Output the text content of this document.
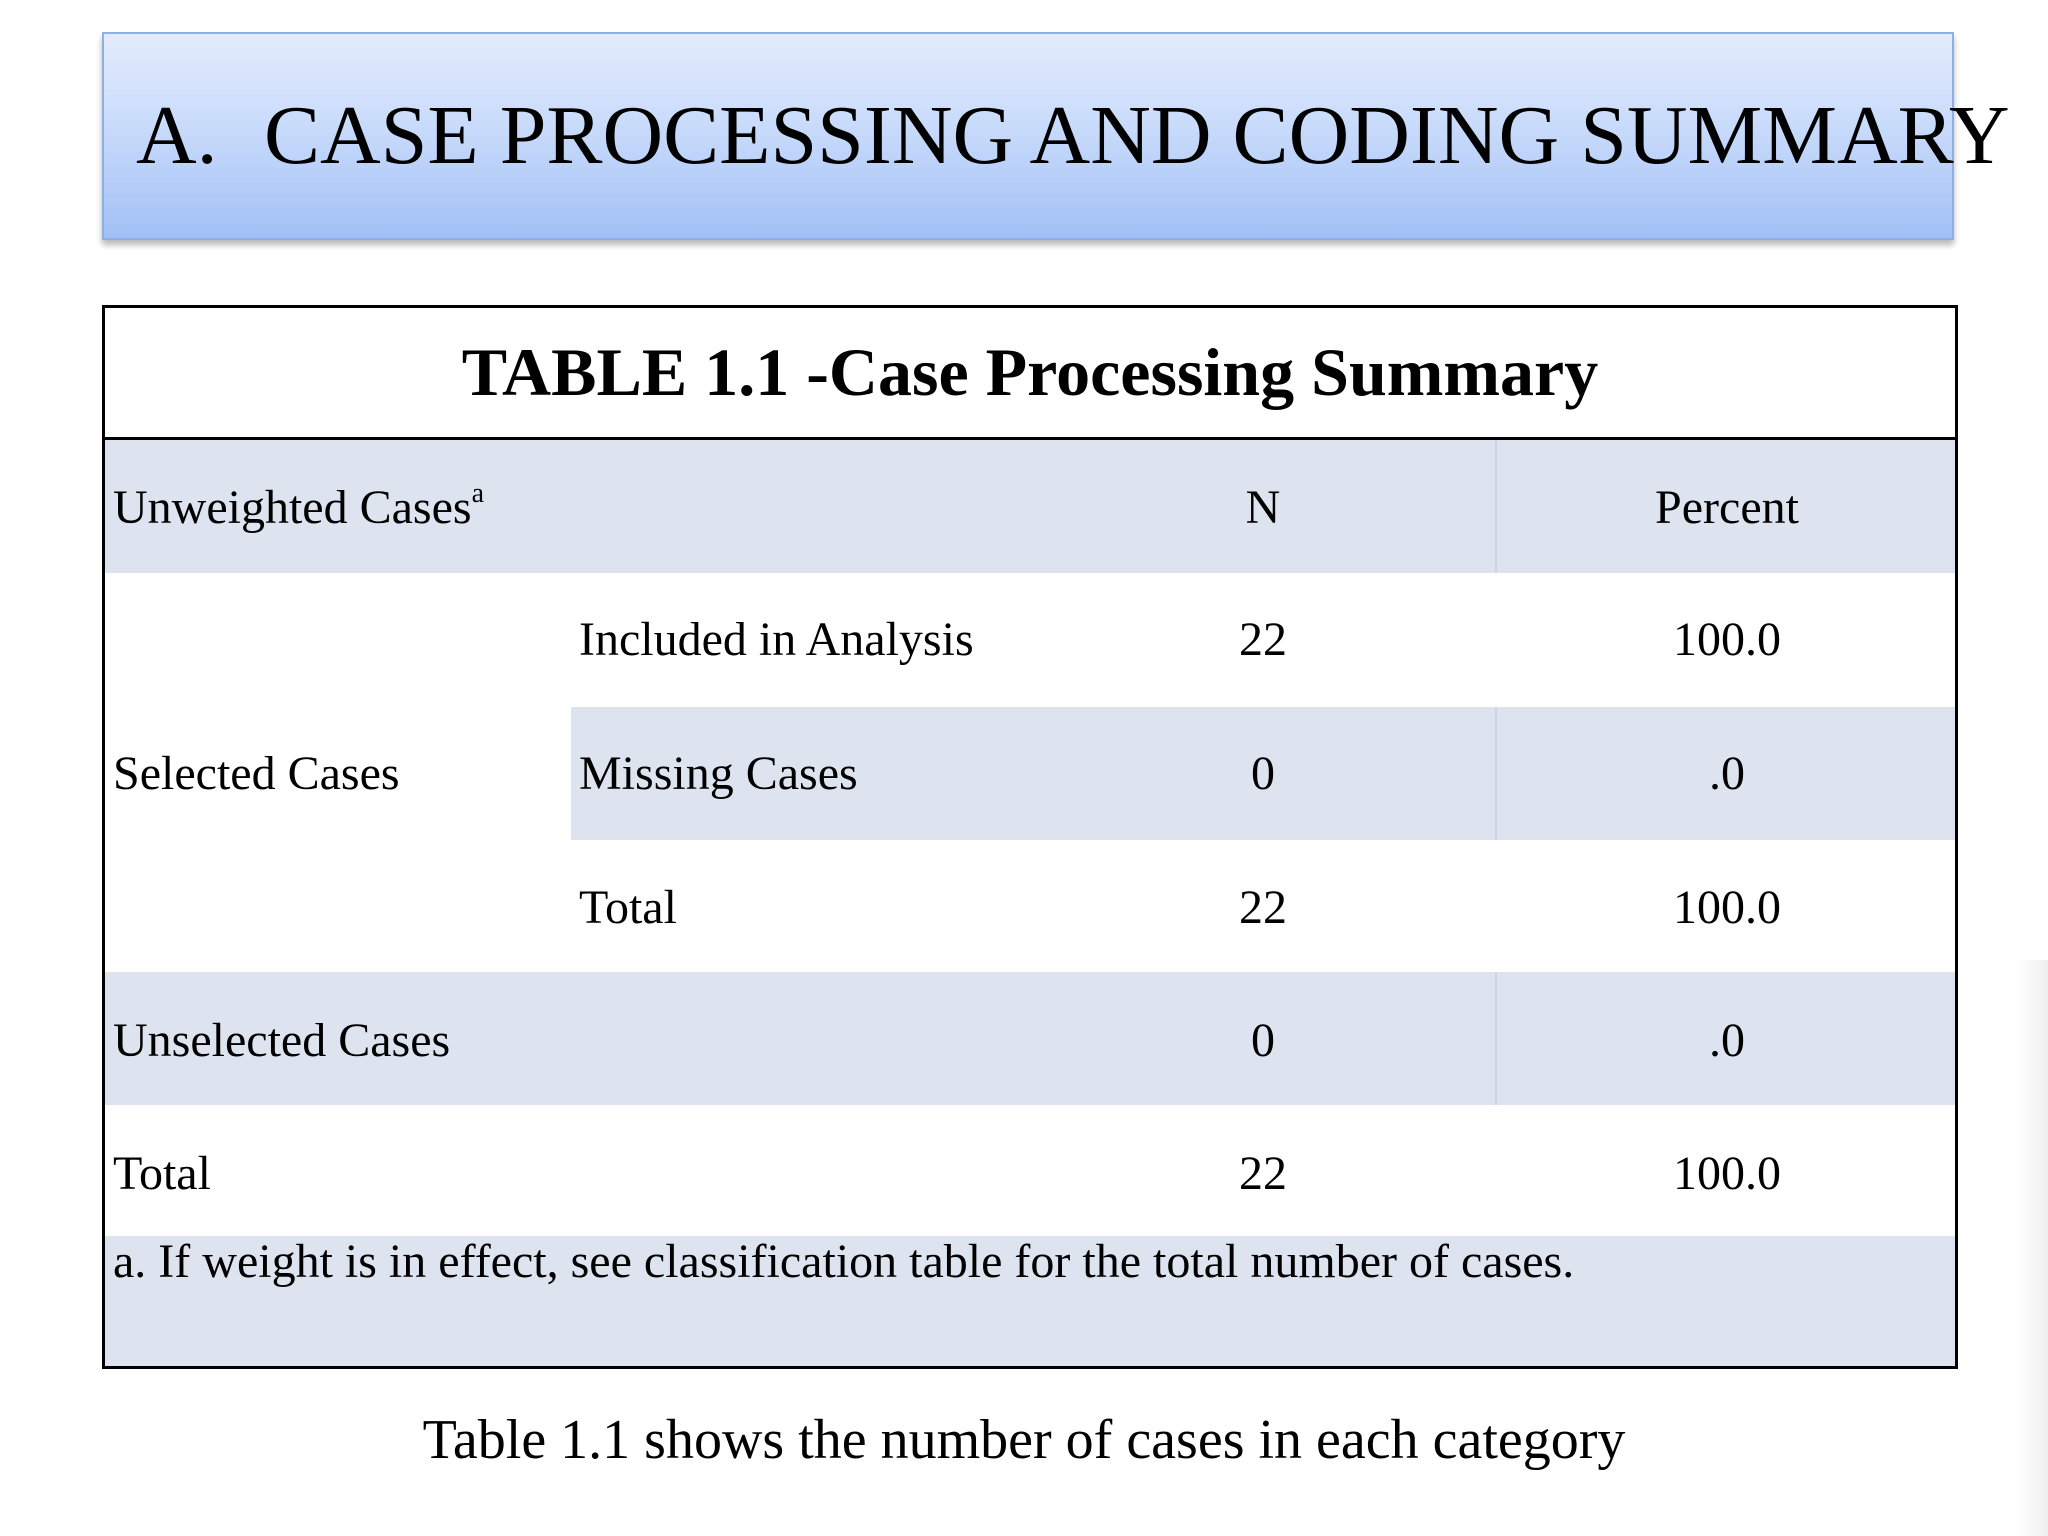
A. CASE PROCESSING AND CODING SUMMARY
TABLE 1.1 -Case Processing Summary
Unweighted Cases$^a$	N	Percent
Selected Cases
Included in Analysis	22	100.0
Missing Cases	0	.0
Total	22	100.0
Unselected Cases	0	.0
Total	22	100.0
a. If weight is in effect, see classification table for the total number of cases.
Table 1.1 shows the number of cases in each category
